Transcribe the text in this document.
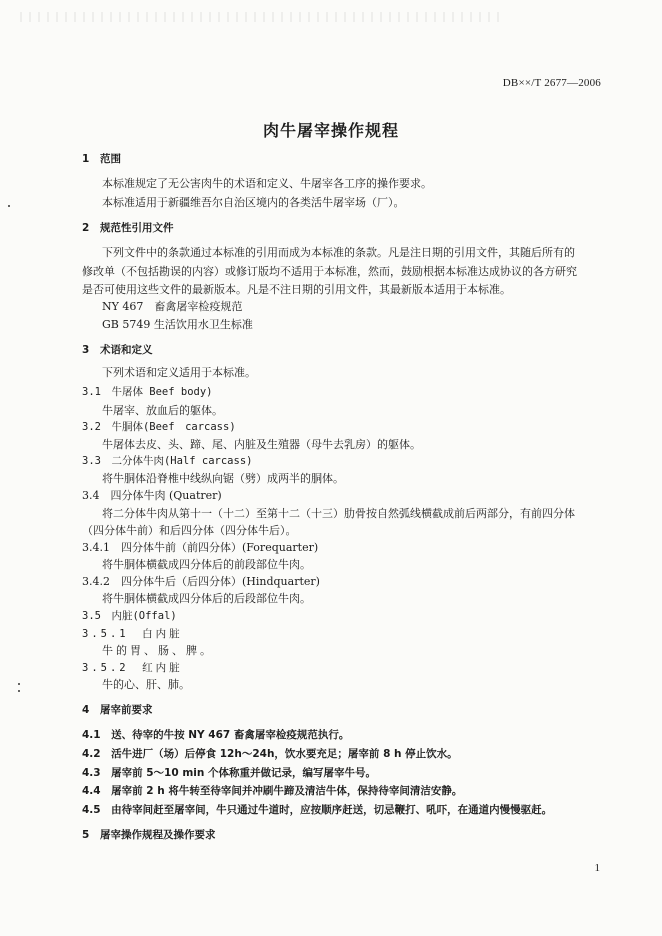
DB××/T 2677—2006
肉牛屠宰操作规程
1 范围
本标准规定了无公害肉牛的术语和定义、牛屠宰各工序的操作要求。
本标准适用于新疆维吾尔自治区境内的各类活牛屠宰场（厂）。
2 规范性引用文件
下列文件中的条款通过本标准的引用而成为本标准的条款。凡是注日期的引用文件，其随后所有的
修改单（不包括勘误的内容）或修订版均不适用于本标准，然而，鼓励根据本标准达成协议的各方研究
是否可使用这些文件的最新版本。凡是不注日期的引用文件，其最新版本适用于本标准。
NY 467　畜禽屠宰检疫规范
GB 5749 生活饮用水卫生标准
3 术语和定义
下列术语和定义适用于本标准。
3.1　牛屠体 Beef body)
牛屠宰、放血后的躯体。
3.2　牛胴体(Beef　carcass)
牛屠体去皮、头、蹄、尾、内脏及生殖器（母牛去乳房）的躯体。
3.3　二分体牛肉(Half carcass)
将牛胴体沿脊椎中线纵向锯（劈）成两半的胴体。
3.4　四分体牛肉 (Quatrer)
将二分体牛肉从第十一（十二）至第十二（十三）肋骨按自然弧线横截成前后两部分，有前四分体
（四分体牛前）和后四分体（四分体牛后）。
3.4.1　四分体牛前（前四分体）(Forequarter)
将牛胴体横截成四分体后的前段部位牛肉。
3.4.2　四分体牛后（后四分体）(Hindquarter)
将牛胴体横截成四分体后的后段部位牛肉。
3.5　内脏(Offal)
3.5.1　白内脏
牛的胃、肠、脾。
3.5.2　红内脏
牛的心、肝、肺。
4 屠宰前要求
4.1　送、待宰的牛按 NY 467 畜禽屠宰检疫规范执行。
4.2　活牛进厂（场）后停食 12h～24h，饮水要充足；屠宰前 8 h 停止饮水。
4.3　屠宰前 5～10 min 个体称重并做记录，编写屠宰牛号。
4.4　屠宰前 2 h 将牛转至待宰间并冲刷牛蹄及清洁牛体，保持待宰间清洁安静。
4.5　由待宰间赶至屠宰间，牛只通过牛道时，应按顺序赶送，切忌鞭打、吼吓，在通道内慢慢驱赶。
5 屠宰操作规程及操作要求
1
